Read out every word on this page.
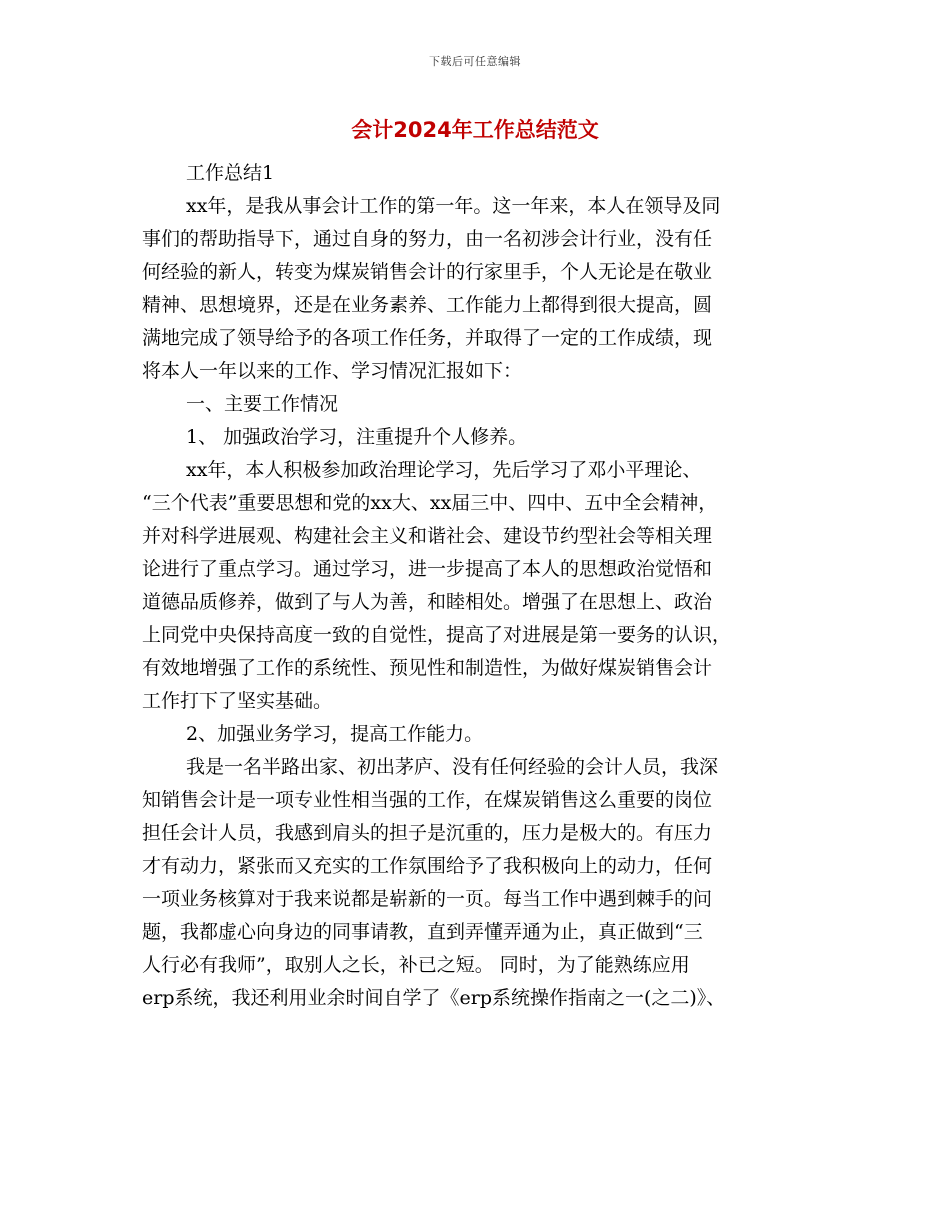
下载后可任意编辑
会计2024年工作总结范文
工作总结1
xx年，是我从事会计工作的第一年。这一年来，本人在领导及同
事们的帮助指导下，通过自身的努力，由一名初涉会计行业，没有任
何经验的新人，转变为煤炭销售会计的行家里手，个人无论是在敬业
精神、思想境界，还是在业务素养、工作能力上都得到很大提高，圆
满地完成了领导给予的各项工作任务，并取得了一定的工作成绩，现
将本人一年以来的工作、学习情况汇报如下：
一、主要工作情况
1、 加强政治学习，注重提升个人修养。
xx年，本人积极参加政治理论学习，先后学习了邓小平理论、
“三个代表”重要思想和党的xx大、xx届三中、四中、五中全会精神，
并对科学进展观、构建社会主义和谐社会、建设节约型社会等相关理
论进行了重点学习。通过学习，进一步提高了本人的思想政治觉悟和
道德品质修养，做到了与人为善，和睦相处。增强了在思想上、政治
上同党中央保持高度一致的自觉性，提高了对进展是第一要务的认识，
有效地增强了工作的系统性、预见性和制造性，为做好煤炭销售会计
工作打下了坚实基础。
2、加强业务学习，提高工作能力。
我是一名半路出家、初出茅庐、没有任何经验的会计人员，我深
知销售会计是一项专业性相当强的工作，在煤炭销售这么重要的岗位
担任会计人员，我感到肩头的担子是沉重的，压力是极大的。有压力
才有动力，紧张而又充实的工作氛围给予了我积极向上的动力，任何
一项业务核算对于我来说都是崭新的一页。每当工作中遇到棘手的问
题，我都虚心向身边的同事请教，直到弄懂弄通为止，真正做到“三
人行必有我师”，取别人之长，补已之短。 同时，为了能熟练应用
erp系统，我还利用业余时间自学了《erp系统操作指南之一(之二)》、
